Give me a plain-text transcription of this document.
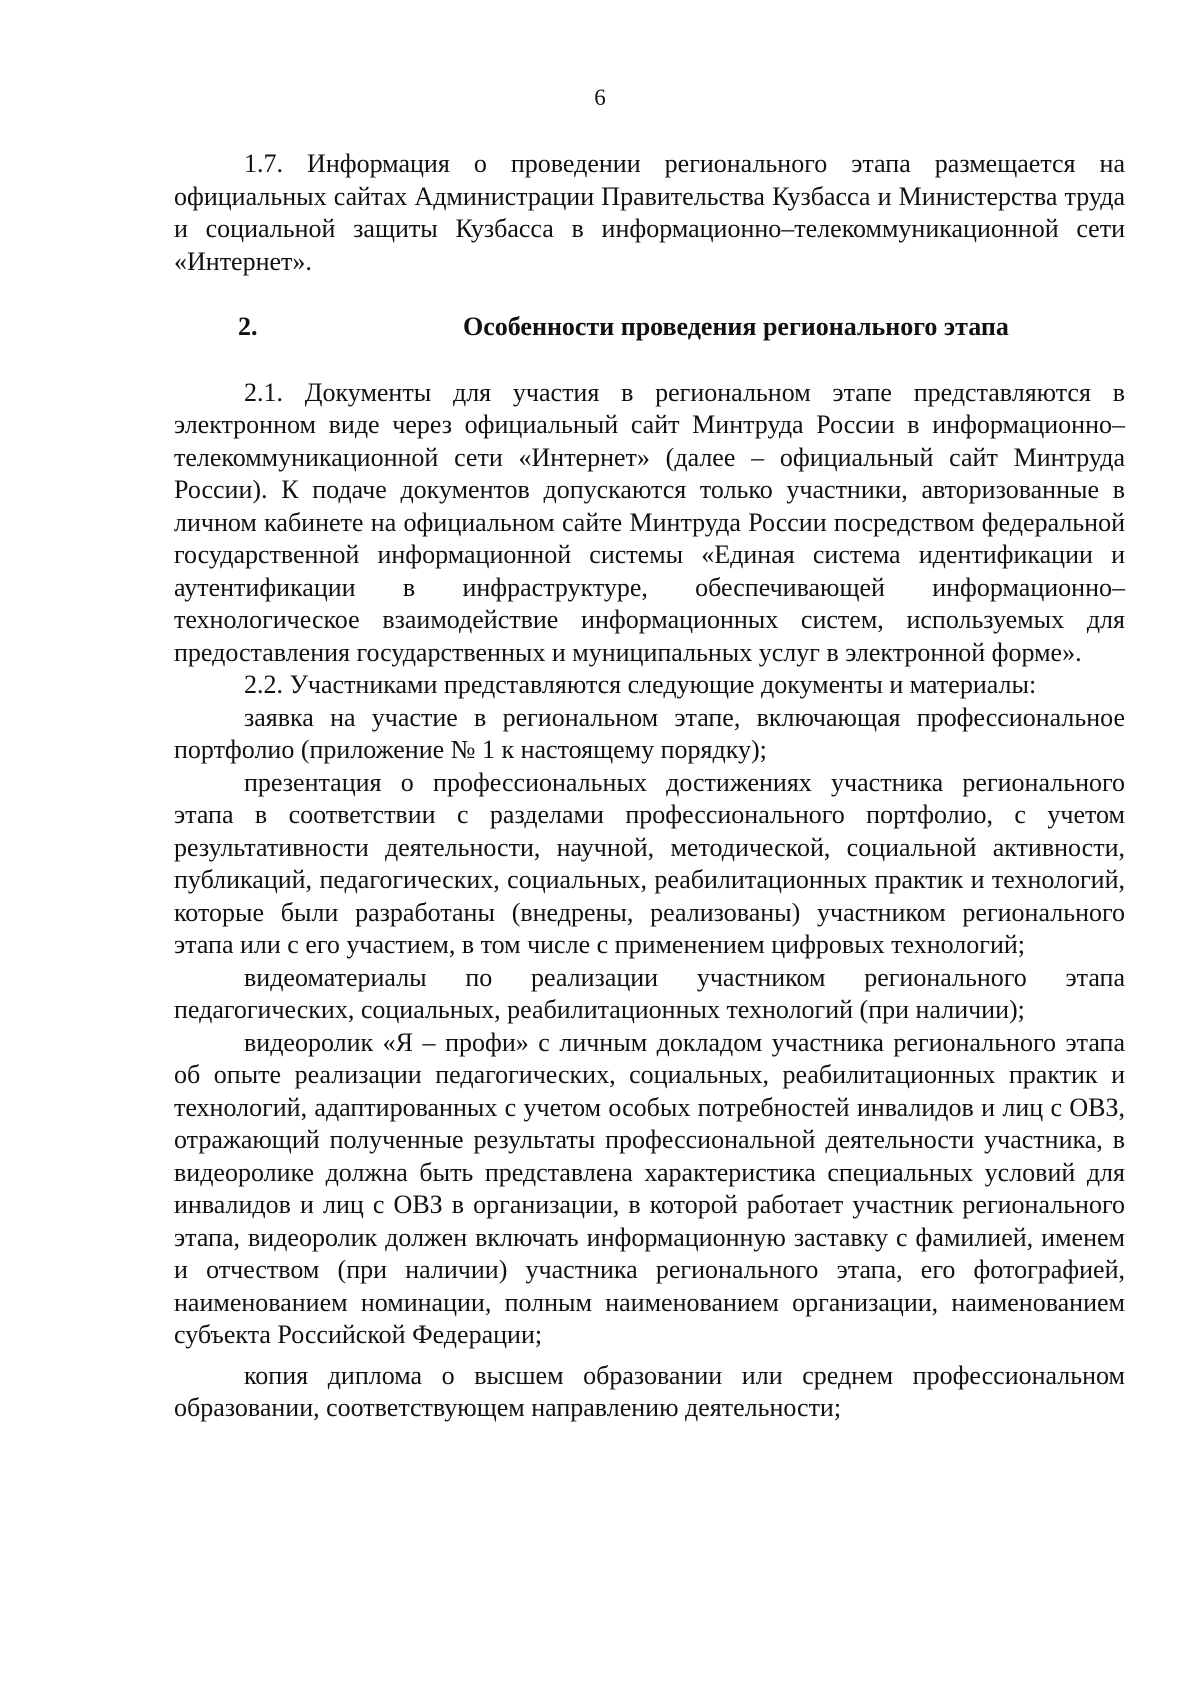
6

1.7. Информация о проведении регионального этапа размещается на официальных сайтах Администрации Правительства Кузбасса и Министерства труда и социальной защиты Кузбасса в информационно–телекоммуникационной сети «Интернет».

2.	Особенности проведения регионального этапа

2.1. Документы для участия в региональном этапе представляются в электронном виде через официальный сайт Минтруда России в информационно–телекоммуникационной сети «Интернет» (далее – официальный сайт Минтруда России). К подаче документов допускаются только участники, авторизованные в личном кабинете на официальном сайте Минтруда России посредством федеральной государственной информационной системы «Единая система идентификации и аутентификации в инфраструктуре, обеспечивающей информационно–технологическое взаимодействие информационных систем, используемых для предоставления государственных и муниципальных услуг в электронной форме».

2.2. Участниками представляются следующие документы и материалы:

заявка на участие в региональном этапе, включающая профессиональное портфолио (приложение № 1 к настоящему порядку);

презентация о профессиональных достижениях участника регионального этапа в соответствии с разделами профессионального портфолио, с учетом результативности деятельности, научной, методической, социальной активности, публикаций, педагогических, социальных, реабилитационных практик и технологий, которые были разработаны (внедрены, реализованы) участником регионального этапа или с его участием, в том числе с применением цифровых технологий;

видеоматериалы по реализации участником регионального этапа педагогических, социальных, реабилитационных технологий (при наличии);

видеоролик «Я – профи» с личным докладом участника регионального этапа об опыте реализации педагогических, социальных, реабилитационных практик и технологий, адаптированных с учетом особых потребностей инвалидов и лиц с ОВЗ, отражающий полученные результаты профессиональной деятельности участника, в видеоролике должна быть представлена характеристика специальных условий для инвалидов и лиц с ОВЗ в организации, в которой работает участник регионального этапа, видеоролик должен включать информационную заставку с фамилией, именем и отчеством (при наличии) участника регионального этапа, его фотографией, наименованием номинации, полным наименованием организации, наименованием субъекта Российской Федерации;

копия диплома о высшем образовании или среднем профессиональном образовании, соответствующем направлению деятельности;
